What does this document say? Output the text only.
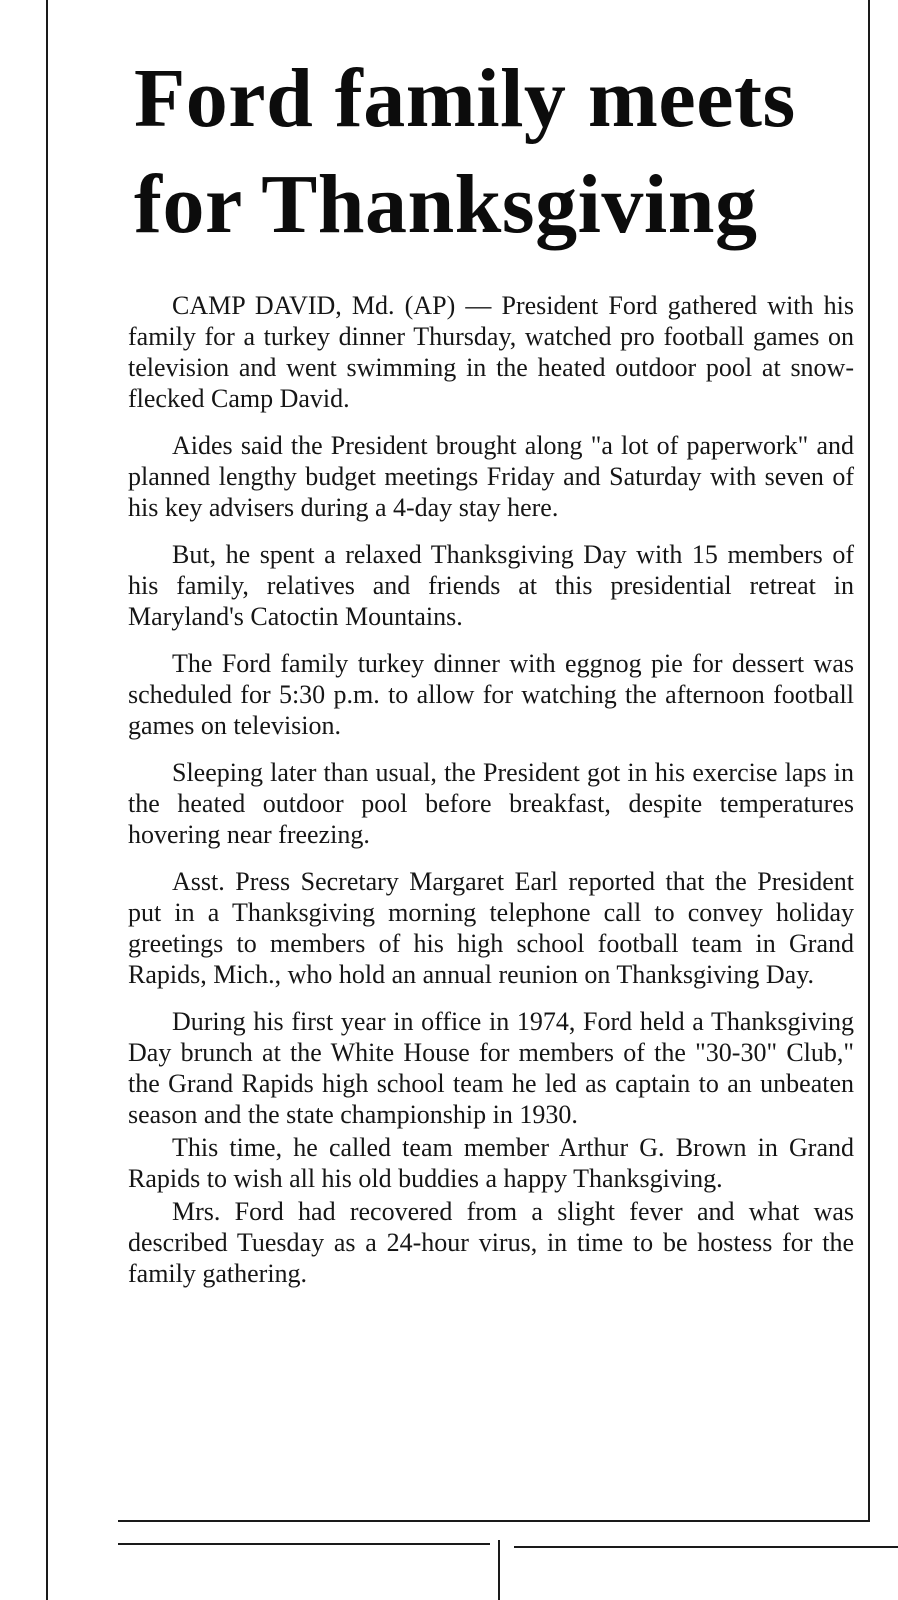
Ford family meets for Thanksgiving

CAMP DAVID, Md. (AP) — President Ford gathered with his family for a turkey dinner Thursday, watched pro football games on television and went swimming in the heated outdoor pool at snow-flecked Camp David.

Aides said the President brought along "a lot of paperwork" and planned lengthy budget meetings Friday and Saturday with seven of his key advisers during a 4-day stay here.

But, he spent a relaxed Thanksgiving Day with 15 members of his family, relatives and friends at this presidential retreat in Maryland's Catoctin Mountains.

The Ford family turkey dinner with eggnog pie for dessert was scheduled for 5:30 p.m. to allow for watching the afternoon football games on television.

Sleeping later than usual, the President got in his exercise laps in the heated outdoor pool before breakfast, despite temperatures hovering near freezing.

Asst. Press Secretary Margaret Earl reported that the President put in a Thanksgiving morning telephone call to convey holiday greetings to members of his high school football team in Grand Rapids, Mich., who hold an annual reunion on Thanksgiving Day.

During his first year in office in 1974, Ford held a Thanksgiving Day brunch at the White House for members of the "30-30" Club," the Grand Rapids high school team he led as captain to an unbeaten season and the state championship in 1930.

This time, he called team member Arthur G. Brown in Grand Rapids to wish all his old buddies a happy Thanksgiving.

Mrs. Ford had recovered from a slight fever and what was described Tuesday as a 24-hour virus, in time to be hostess for the family gathering.
